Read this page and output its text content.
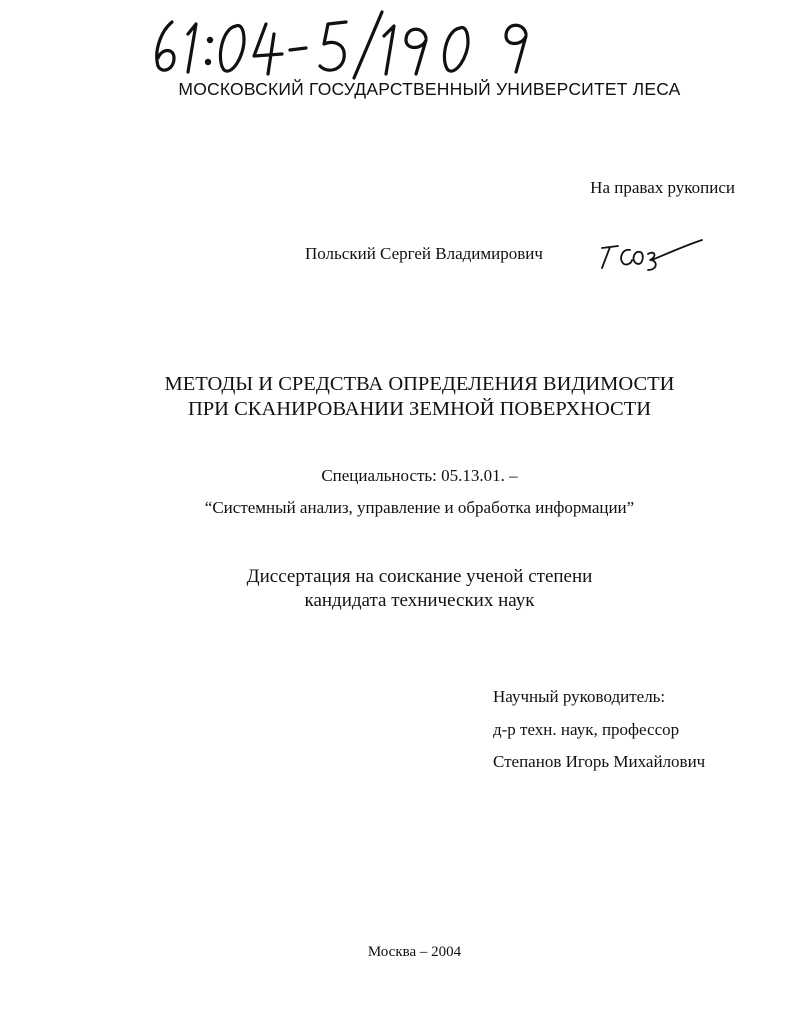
МОСКОВСКИЙ ГОСУДАРСТВЕННЫЙ УНИВЕРСИТЕТ ЛЕСА
На правах рукописи
Польский Сергей Владимирович
МЕТОДЫ И СРЕДСТВА ОПРЕДЕЛЕНИЯ ВИДИМОСТИ
ПРИ СКАНИРОВАНИИ ЗЕМНОЙ ПОВЕРХНОСТИ
Специальность: 05.13.01. –
“Системный анализ, управление и обработка информации”
Диссертация на соискание ученой степени
кандидата технических наук
Научный руководитель:
д-р техн. наук, профессор
Степанов Игорь Михайлович
Москва – 2004
